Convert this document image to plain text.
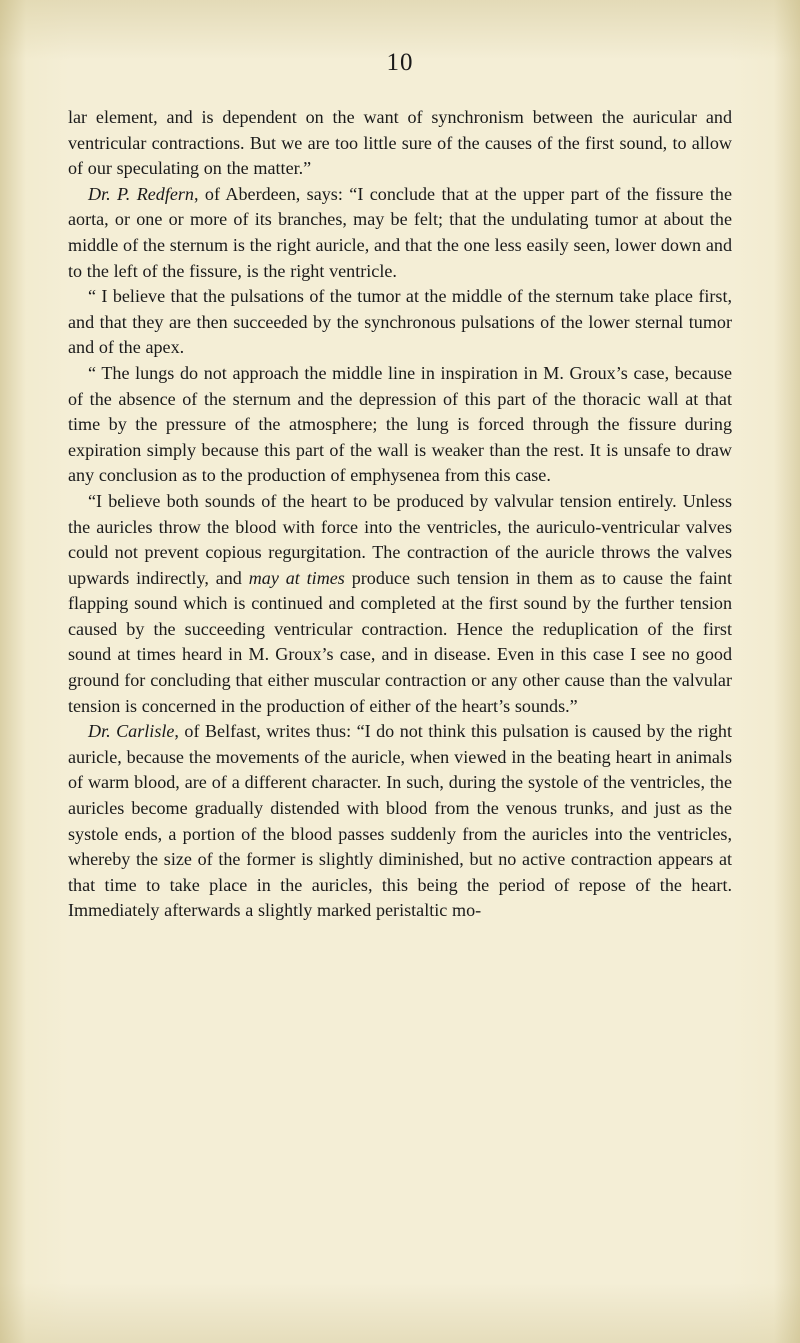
10

lar element, and is dependent on the want of synchronism between the auricular and ventricular contractions. But we are too little sure of the causes of the first sound, to allow of our speculating on the matter.”

Dr. P. Redfern, of Aberdeen, says: “I conclude that at the upper part of the fissure the aorta, or one or more of its branches, may be felt; that the undulating tumor at about the middle of the sternum is the right auricle, and that the one less easily seen, lower down and to the left of the fissure, is the right ventricle.

“ I believe that the pulsations of the tumor at the middle of the sternum take place first, and that they are then succeeded by the synchronous pulsations of the lower sternal tumor and of the apex.

“ The lungs do not approach the middle line in inspiration in M. Groux’s case, because of the absence of the sternum and the depression of this part of the thoracic wall at that time by the pressure of the atmosphere; the lung is forced through the fissure during expiration simply because this part of the wall is weaker than the rest. It is unsafe to draw any conclusion as to the production of emphysenea from this case.

“I believe both sounds of the heart to be produced by valvular tension entirely. Unless the auricles throw the blood with force into the ventricles, the auriculo-ventricular valves could not prevent copious regurgitation. The contraction of the auricle throws the valves upwards indirectly, and may at times produce such tension in them as to cause the faint flapping sound which is continued and completed at the first sound by the further tension caused by the succeeding ventricular contraction. Hence the reduplication of the first sound at times heard in M. Groux’s case, and in disease. Even in this case I see no good ground for concluding that either muscular contraction or any other cause than the valvular tension is concerned in the production of either of the heart’s sounds.”

Dr. Carlisle, of Belfast, writes thus: “I do not think this pulsation is caused by the right auricle, because the movements of the auricle, when viewed in the beating heart in animals of warm blood, are of a different character. In such, during the systole of the ventricles, the auricles become gradually distended with blood from the venous trunks, and just as the systole ends, a portion of the blood passes suddenly from the auricles into the ventricles, whereby the size of the former is slightly diminished, but no active contraction appears at that time to take place in the auricles, this being the period of repose of the heart. Immediately afterwards a slightly marked peristaltic mo-
